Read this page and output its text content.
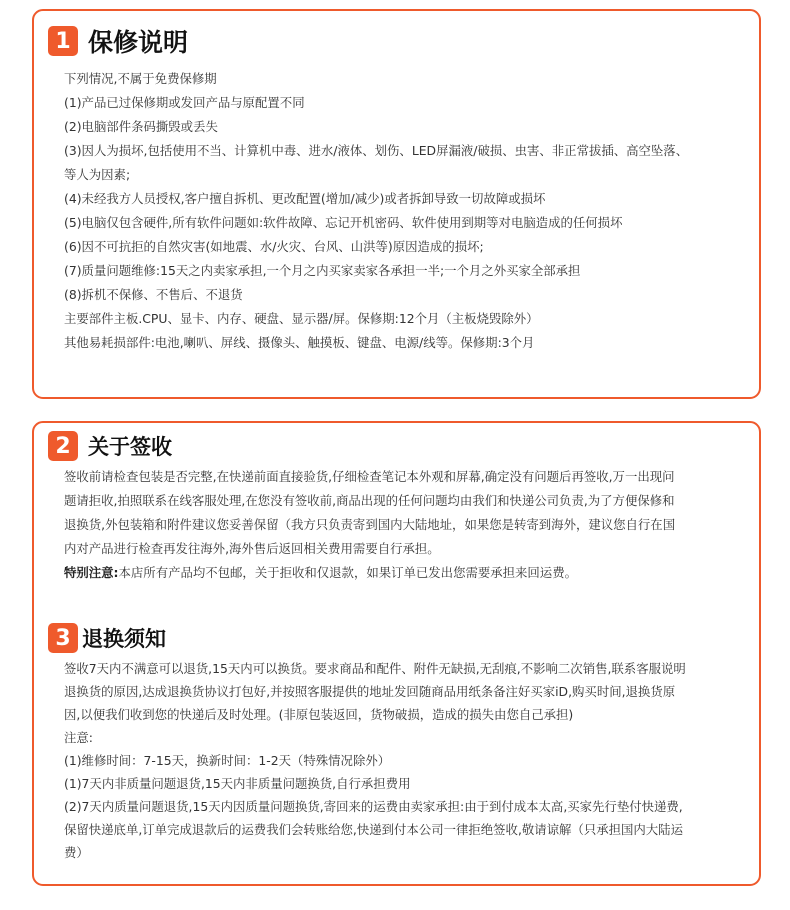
1 保修说明
下列情况,不属于免费保修期
(1)产品已过保修期或发回产品与原配置不同
(2)电脑部件条码撕毁或丢失
(3)因人为损坏,包括使用不当、计算机中毒、进水/液体、划伤、LED屏漏液/破损、虫害、非正常拔插、高空坠落、
等人为因素;
(4)未经我方人员授权,客户擅自拆机、更改配置(增加/减少)或者拆卸导致一切故障或损坏
(5)电脑仅包含硬件,所有软件问题如:软件故障、忘记开机密码、软件使用到期等对电脑造成的任何损坏
(6)因不可抗拒的自然灾害(如地震、水/火灾、台风、山洪等)原因造成的损坏;
(7)质量问题维修:15天之内卖家承担,一个月之内买家卖家各承担一半;一个月之外买家全部承担
(8)拆机不保修、不售后、不退货
主要部件主板.CPU、显卡、内存、硬盘、显示器/屏。保修期:12个月（主板烧毁除外）
其他易耗损部件:电池,喇叭、屏线、摄像头、触摸板、键盘、电源/线等。保修期:3个月
2 关于签收
签收前请检查包装是否完整,在快递前面直接验货,仔细检查笔记本外观和屏幕,确定没有问题后再签收,万一出现问
题请拒收,拍照联系在线客服处理,在您没有签收前,商品出现的任何问题均由我们和快递公司负责,为了方便保修和
退换货,外包装箱和附件建议您妥善保留（我方只负责寄到国内大陆地址，如果您是转寄到海外，建议您自行在国
内对产品进行检查再发往海外,海外售后返回相关费用需要自行承担。
特别注意:本店所有产品均不包邮，关于拒收和仅退款，如果订单已发出您需要承担来回运费。
3 退换须知
签收7天内不满意可以退货,15天内可以换货。要求商品和配件、附件无缺损,无刮痕,不影响二次销售,联系客服说明
退换货的原因,达成退换货协议打包好,并按照客服提供的地址发回随商品用纸条备注好买家iD,购买时间,退换货原
因,以便我们收到您的快递后及时处理。(非原包装返回，货物破损，造成的损失由您自己承担)
注意:
(1)维修时间：7-15天，换新时间：1-2天（特殊情况除外）
(1)7天内非质量问题退货,15天内非质量问题换货,自行承担费用
(2)7天内质量问题退货,15天内因质量问题换货,寄回来的运费由卖家承担:由于到付成本太高,买家先行垫付快递费,
保留快递底单,订单完成退款后的运费我们会转账给您,快递到付本公司一律拒绝签收,敬请谅解（只承担国内大陆运
费）
